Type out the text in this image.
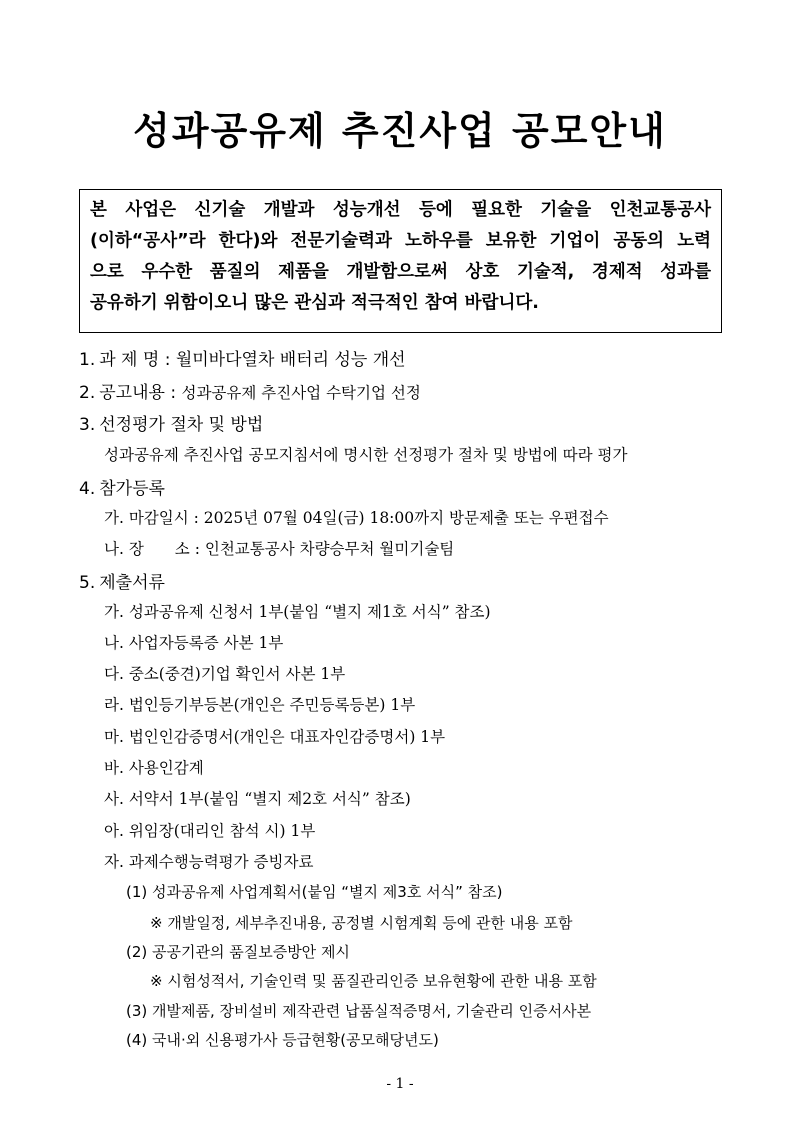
성과공유제 추진사업 공모안내
본 사업은 신기술 개발과 성능개선 등에 필요한 기술을 인천교통공사
(이하“공사”라 한다)와 전문기술력과 노하우를 보유한 기업이 공동의 노력
으로 우수한 품질의 제품을 개발함으로써 상호 기술적, 경제적 성과를
공유하기 위함이오니 많은 관심과 적극적인 참여 바랍니다.
1. 과 제 명 : 월미바다열차 배터리 성능 개선
2. 공고내용 : 성과공유제 추진사업 수탁기업 선정
3. 선정평가 절차 및 방법
성과공유제 추진사업 공모지침서에 명시한 선정평가 절차 및 방법에 따라 평가
4. 참가등록
가. 마감일시 : 2025년 07월 04일(금) 18:00까지 방문제출 또는 우편접수
나. 장　　소 : 인천교통공사 차량승무처 월미기술팀
5. 제출서류
가. 성과공유제 신청서 1부(붙임 “별지 제1호 서식” 참조)
나. 사업자등록증 사본 1부
다. 중소(중견)기업 확인서 사본 1부
라. 법인등기부등본(개인은 주민등록등본) 1부
마. 법인인감증명서(개인은 대표자인감증명서) 1부
바. 사용인감계
사. 서약서 1부(붙임 “별지 제2호 서식” 참조)
아. 위임장(대리인 참석 시) 1부
자. 과제수행능력평가 증빙자료
(1) 성과공유제 사업계획서(붙임 “별지 제3호 서식” 참조)
※ 개발일정, 세부추진내용, 공정별 시험계획 등에 관한 내용 포함
(2) 공공기관의 품질보증방안 제시
※ 시험성적서, 기술인력 및 품질관리인증 보유현황에 관한 내용 포함
(3) 개발제품, 장비설비 제작관련 납품실적증명서, 기술관리 인증서사본
(4) 국내·외 신용평가사 등급현황(공모해당년도)
- 1 -
